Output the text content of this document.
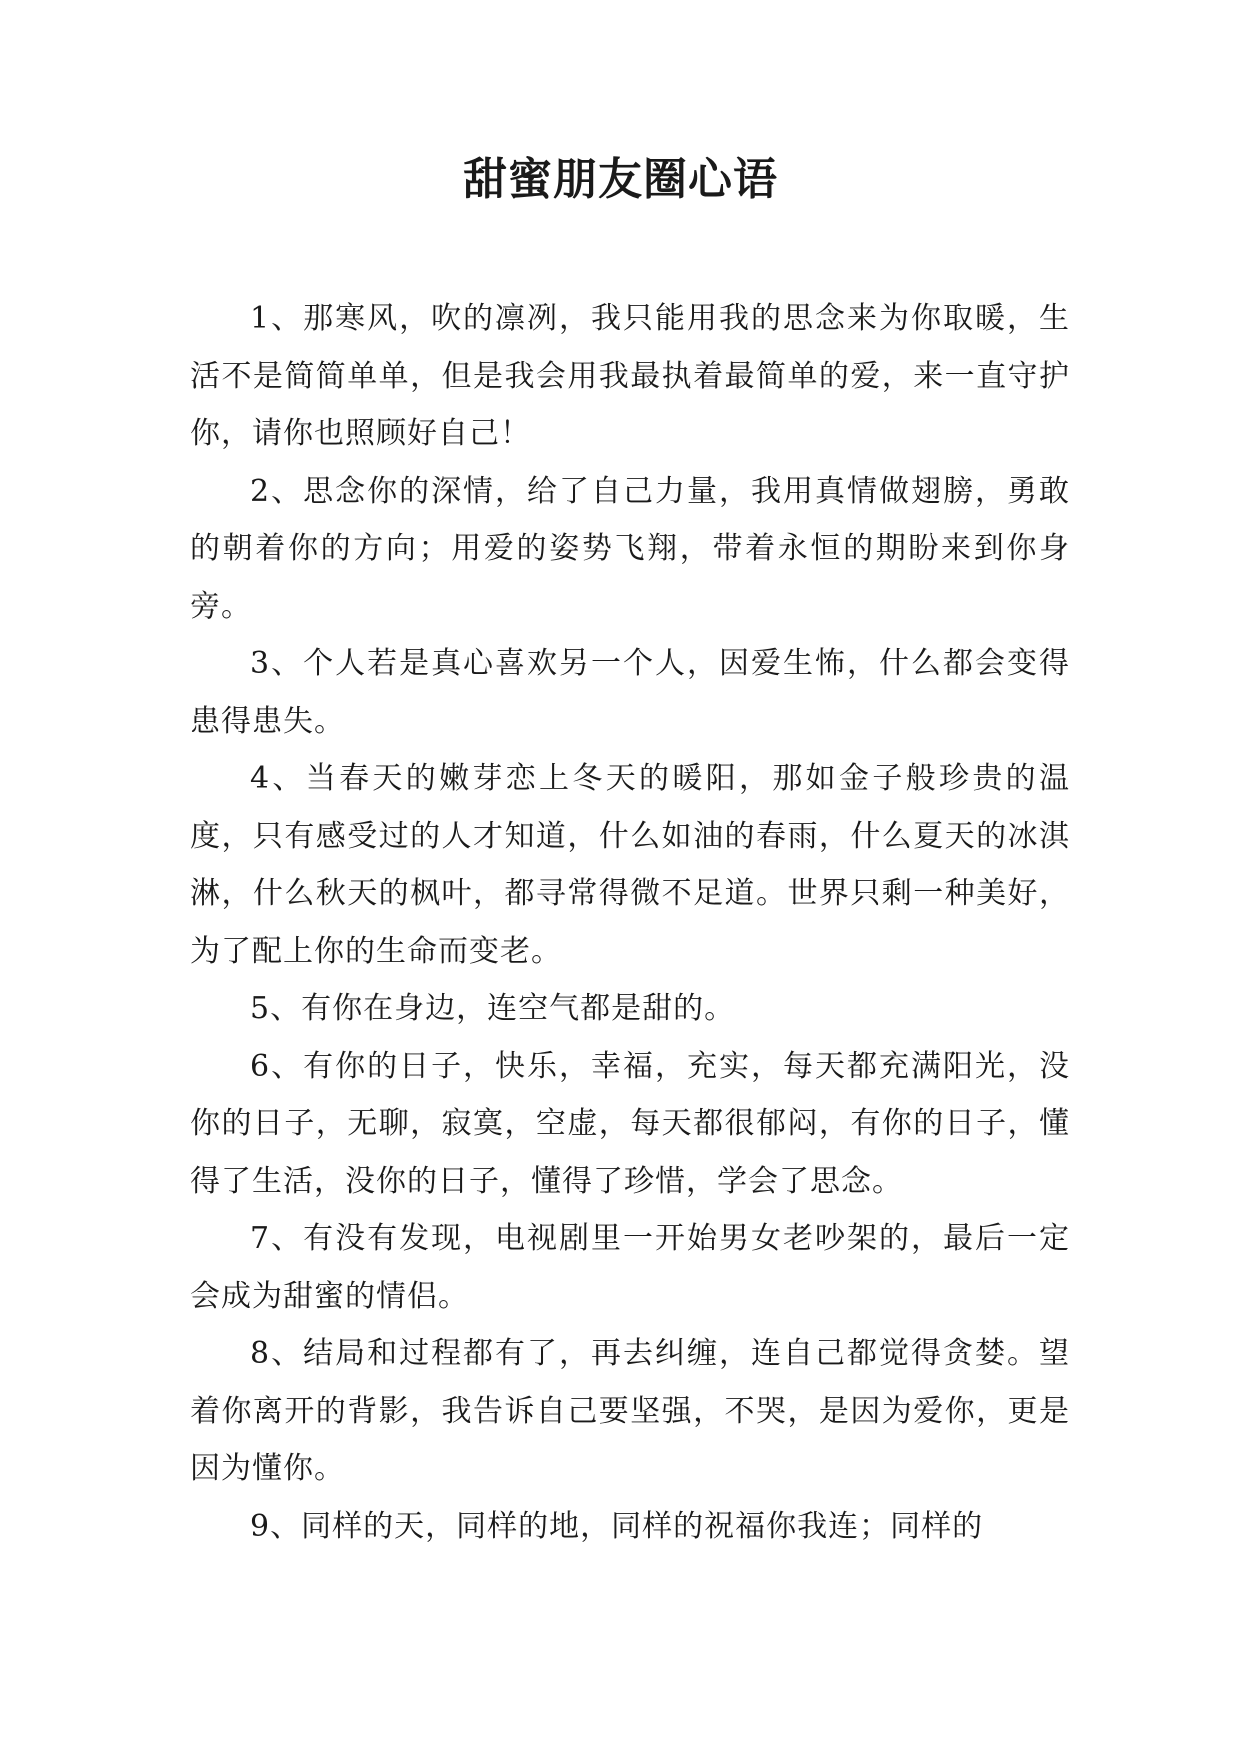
甜蜜朋友圈心语

1、那寒风，吹的凛冽，我只能用我的思念来为你取暖，生活不是简简单单，但是我会用我最执着最简单的爱，来一直守护你，请你也照顾好自己！

2、思念你的深情，给了自己力量，我用真情做翅膀，勇敢的朝着你的方向；用爱的姿势飞翔，带着永恒的期盼来到你身旁。

3、个人若是真心喜欢另一个人，因爱生怖，什么都会变得患得患失。

4、当春天的嫩芽恋上冬天的暖阳，那如金子般珍贵的温度，只有感受过的人才知道，什么如油的春雨，什么夏天的冰淇淋，什么秋天的枫叶，都寻常得微不足道。世界只剩一种美好，为了配上你的生命而变老。

5、有你在身边，连空气都是甜的。

6、有你的日子，快乐，幸福，充实，每天都充满阳光，没你的日子，无聊，寂寞，空虚，每天都很郁闷，有你的日子，懂得了生活，没你的日子，懂得了珍惜，学会了思念。

7、有没有发现，电视剧里一开始男女老吵架的，最后一定会成为甜蜜的情侣。

8、结局和过程都有了，再去纠缠，连自己都觉得贪婪。望着你离开的背影，我告诉自己要坚强，不哭，是因为爱你，更是因为懂你。

9、同样的天，同样的地，同样的祝福你我连；同样的
